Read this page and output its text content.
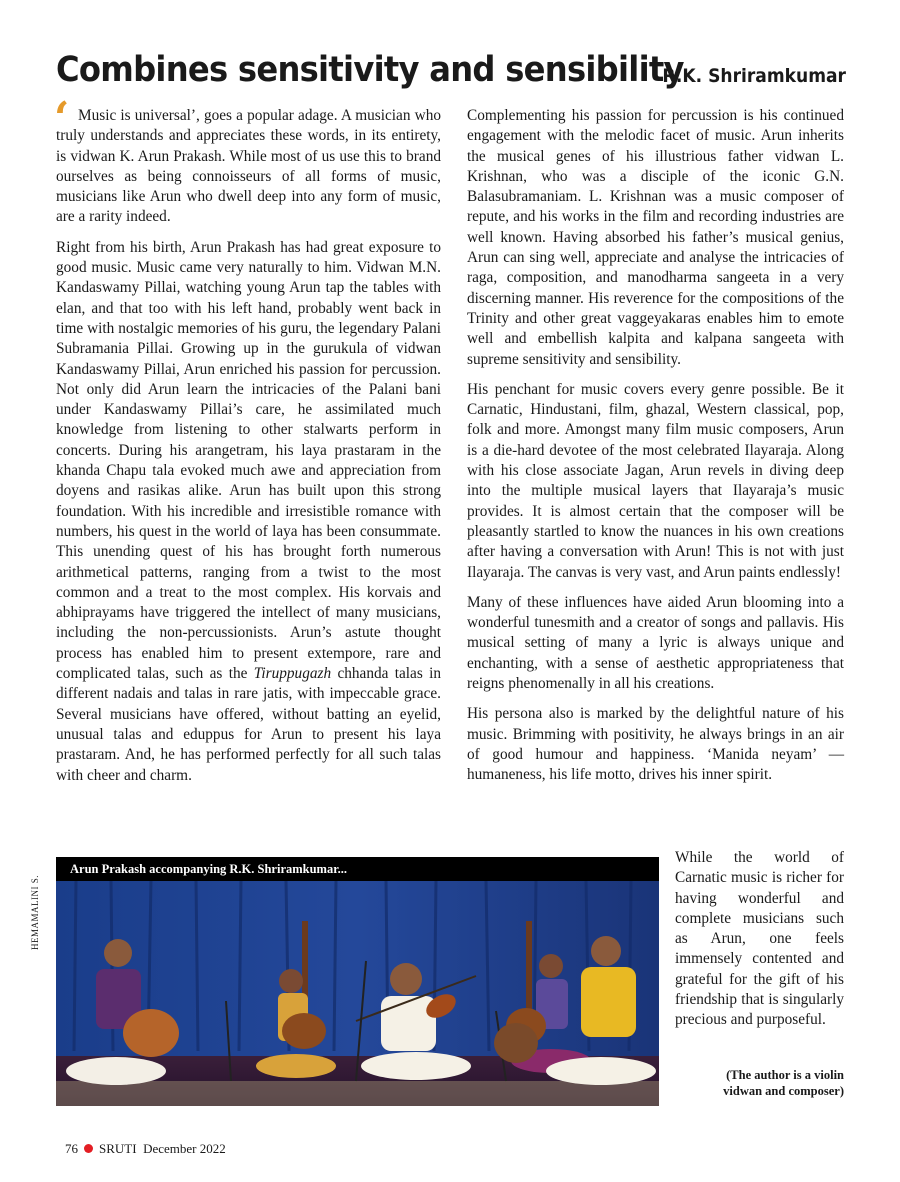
Combines sensitivity and sensibility
R.K. Shriramkumar
‘ Music is universal’, goes a popular adage. A musician who truly understands and appreciates these words, in its entirety, is vidwan K. Arun Prakash. While most of us use this to brand ourselves as being connoisseurs of all forms of music, musicians like Arun who dwell deep into any form of music, are a rarity indeed.

Right from his birth, Arun Prakash has had great exposure to good music. Music came very naturally to him. Vidwan M.N. Kandaswamy Pillai, watching young Arun tap the tables with elan, and that too with his left hand, probably went back in time with nostalgic memories of his guru, the legendary Palani Subramania Pillai. Growing up in the gurukula of vidwan Kandaswamy Pillai, Arun enriched his passion for percussion. Not only did Arun learn the intricacies of the Palani bani under Kandaswamy Pillai’s care, he assimilated much knowledge from listening to other stalwarts perform in concerts. During his arangetram, his laya prastaram in the khanda Chapu tala evoked much awe and appreciation from doyens and rasikas alike. Arun has built upon this strong foundation. With his incredible and irresistible romance with numbers, his quest in the world of laya has been consummate. This unending quest of his has brought forth numerous arithmetical patterns, ranging from a twist to the most common and a treat to the most complex. His korvais and abhiprayams have triggered the intellect of many musicians, including the non-percussionists. Arun’s astute thought process has enabled him to present extempore, rare and complicated talas, such as the Tiruppugazh chhanda talas in different nadais and talas in rare jatis, with impeccable grace. Several musicians have offered, without batting an eyelid, unusual talas and eduppus for Arun to present his laya prastaram. And, he has performed perfectly for all such talas with cheer and charm.

Complementing his passion for percussion is his continued engagement with the melodic facet of music. Arun inherits the musical genes of his illustrious father vidwan L. Krishnan, who was a disciple of the iconic G.N. Balasubramaniam. L. Krishnan was a music composer of repute, and his works in the film and recording industries are well known. Having absorbed his father’s musical genius, Arun can sing well, appreciate and analyse the intricacies of raga, composition, and manodharma sangeeta in a very discerning manner. His reverence for the compositions of the Trinity and other great vaggeyakaras enables him to emote well and embellish kalpita and kalpana sangeeta with supreme sensitivity and sensibility.

His penchant for music covers every genre possible. Be it Carnatic, Hindustani, film, ghazal, Western classical, pop, folk and more. Amongst many film music composers, Arun is a die-hard devotee of the most celebrated Ilayaraja. Along with his close associate Jagan, Arun revels in diving deep into the multiple musical layers that Ilayaraja’s music provides. It is almost certain that the composer will be pleasantly startled to know the nuances in his own creations after having a conversation with Arun! This is not with just Ilayaraja. The canvas is very vast, and Arun paints endlessly!

Many of these influences have aided Arun blooming into a wonderful tunesmith and a creator of songs and pallavis. His musical setting of many a lyric is always unique and enchanting, with a sense of aesthetic appropriateness that reigns phenomenally in all his creations.

His persona also is marked by the delightful nature of his music. Brimming with positivity, he always brings in an air of good humour and happiness. ‘Manida neyam’ —humaneness, his life motto, drives his inner spirit.

While the world of Carnatic music is richer for having wonderful and complete musicians such as Arun, one feels immensely contented and grateful for the gift of his friendship that is singularly precious and purposeful.

(The author is a violin
vidwan and composer)
HEMAMALINI S.
Arun Prakash accompanying R.K. Shriramkumar...
76 SRUTI December 2022
